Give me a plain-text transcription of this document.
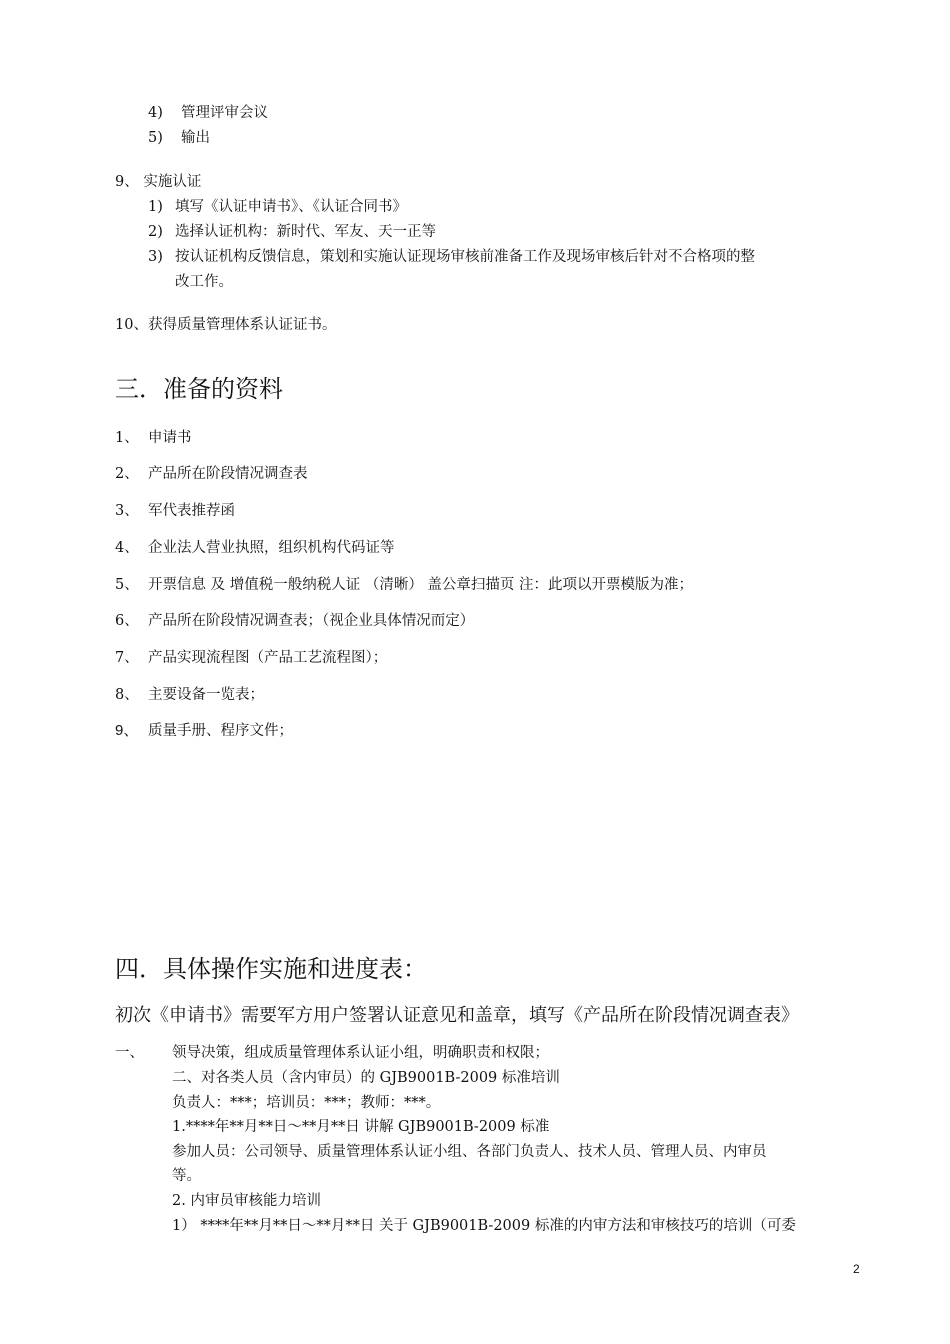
4) 管理评审会议
5) 输出
9、 实施认证
1) 填写《认证申请书》、《认证合同书》
2) 选择认证机构：新时代、军友、天一正等
3) 按认证机构反馈信息，策划和实施认证现场审核前准备工作及现场审核后针对不合格项的整
改工作。
10、获得质量管理体系认证证书。
三．准备的资料
1、 申请书
2、 产品所在阶段情况调查表
3、 军代表推荐函
4、 企业法人营业执照，组织机构代码证等
5、 开票信息 及 增值税一般纳税人证 （清晰） 盖公章扫描页 注：此项以开票模版为准；
6、 产品所在阶段情况调查表；（视企业具体情况而定）
7、 产品实现流程图（产品工艺流程图）；
8、 主要设备一览表；
9、 质量手册、程序文件；
四．具体操作实施和进度表：
初次《申请书》需要军方用户签署认证意见和盖章，填写《产品所在阶段情况调查表》
一、 领导决策，组成质量管理体系认证小组，明确职责和权限；
二、对各类人员（含内审员）的 GJB9001B-2009 标准培训
负责人：***；培训员：***；教师：***。
1.****年**月**日～**月**日 讲解 GJB9001B-2009 标准
参加人员：公司领导、质量管理体系认证小组、各部门负责人、技术人员、管理人员、内审员
等。
2. 内审员审核能力培训
1） ****年**月**日～**月**日 关于 GJB9001B-2009 标准的内审方法和审核技巧的培训（可委
2
